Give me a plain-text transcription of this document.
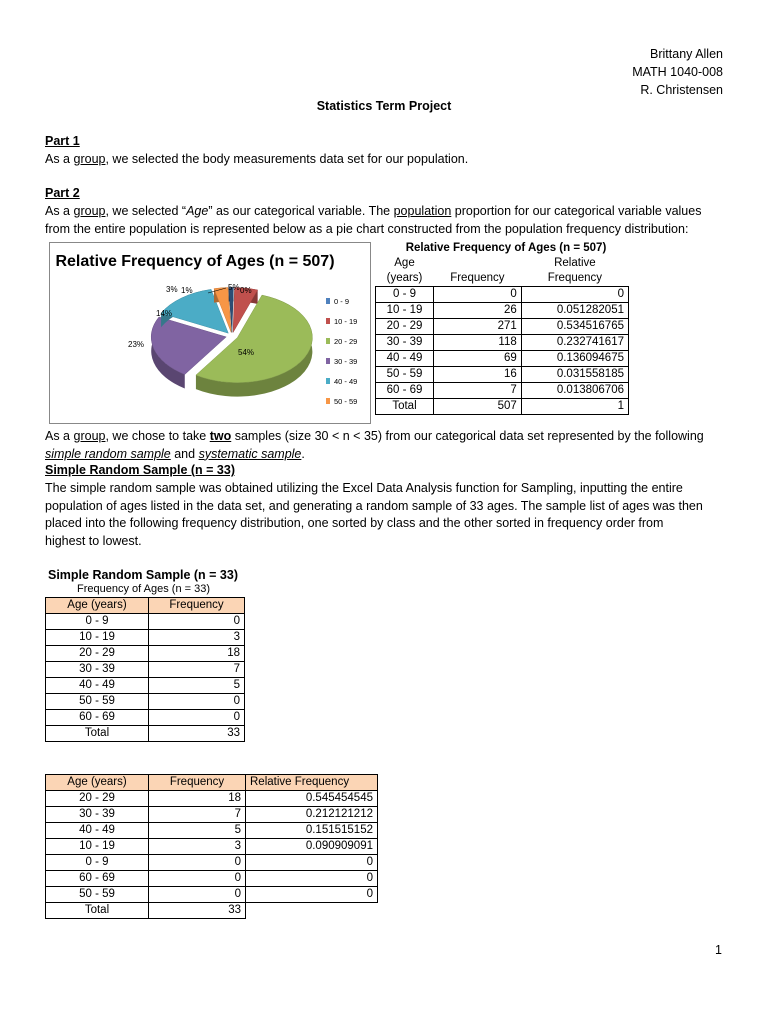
Brittany Allen
MATH 1040-008
R. Christensen
Statistics Term Project
Part 1
As a group, we selected the body measurements data set for our population.
Part 2
As a group, we selected “Age” as our categorical variable. The population proportion for our categorical variable values
from the entire population is represented below as a pie chart constructed from the population frequency distribution:
Relative Frequency of Ages (n = 507)
0%
5%
54%
23%
14%
3% 1%
0 - 9
10 - 19
20 - 29
30 - 39
40 - 49
50 - 59
Relative Frequency of Ages (n = 507)
Age
(years)	Frequency	Relative
Frequency
0 - 9	0	0
10 - 19	26	0.051282051
20 - 29	271	0.534516765
30 - 39	118	0.232741617
40 - 49	69	0.136094675
50 - 59	16	0.031558185
60 - 69	7	0.013806706
Total	507	1
As a group, we chose to take two samples (size 30 < n < 35) from our categorical data set represented by the following
simple random sample and systematic sample.
Simple Random Sample (n = 33)
The simple random sample was obtained utilizing the Excel Data Analysis function for Sampling, inputting the entire
population of ages listed in the data set, and generating a random sample of 33 ages. The sample list of ages was then
placed into the following frequency distribution, one sorted by class and the other sorted in frequency order from
highest to lowest.
Simple Random Sample (n = 33)
Frequency of Ages (n = 33)
Age (years)	Frequency
0 - 9	0
10 - 19	3
20 - 29	18
30 - 39	7
40 - 49	5
50 - 59	0
60 - 69	0
Total	33
Age (years)	Frequency	Relative Frequency
20 - 29	18	0.545454545
30 - 39	7	0.212121212
40 - 49	5	0.151515152
10 - 19	3	0.090909091
0 - 9	0	0
60 - 69	0	0
50 - 59	0	0
Total	33	
1
